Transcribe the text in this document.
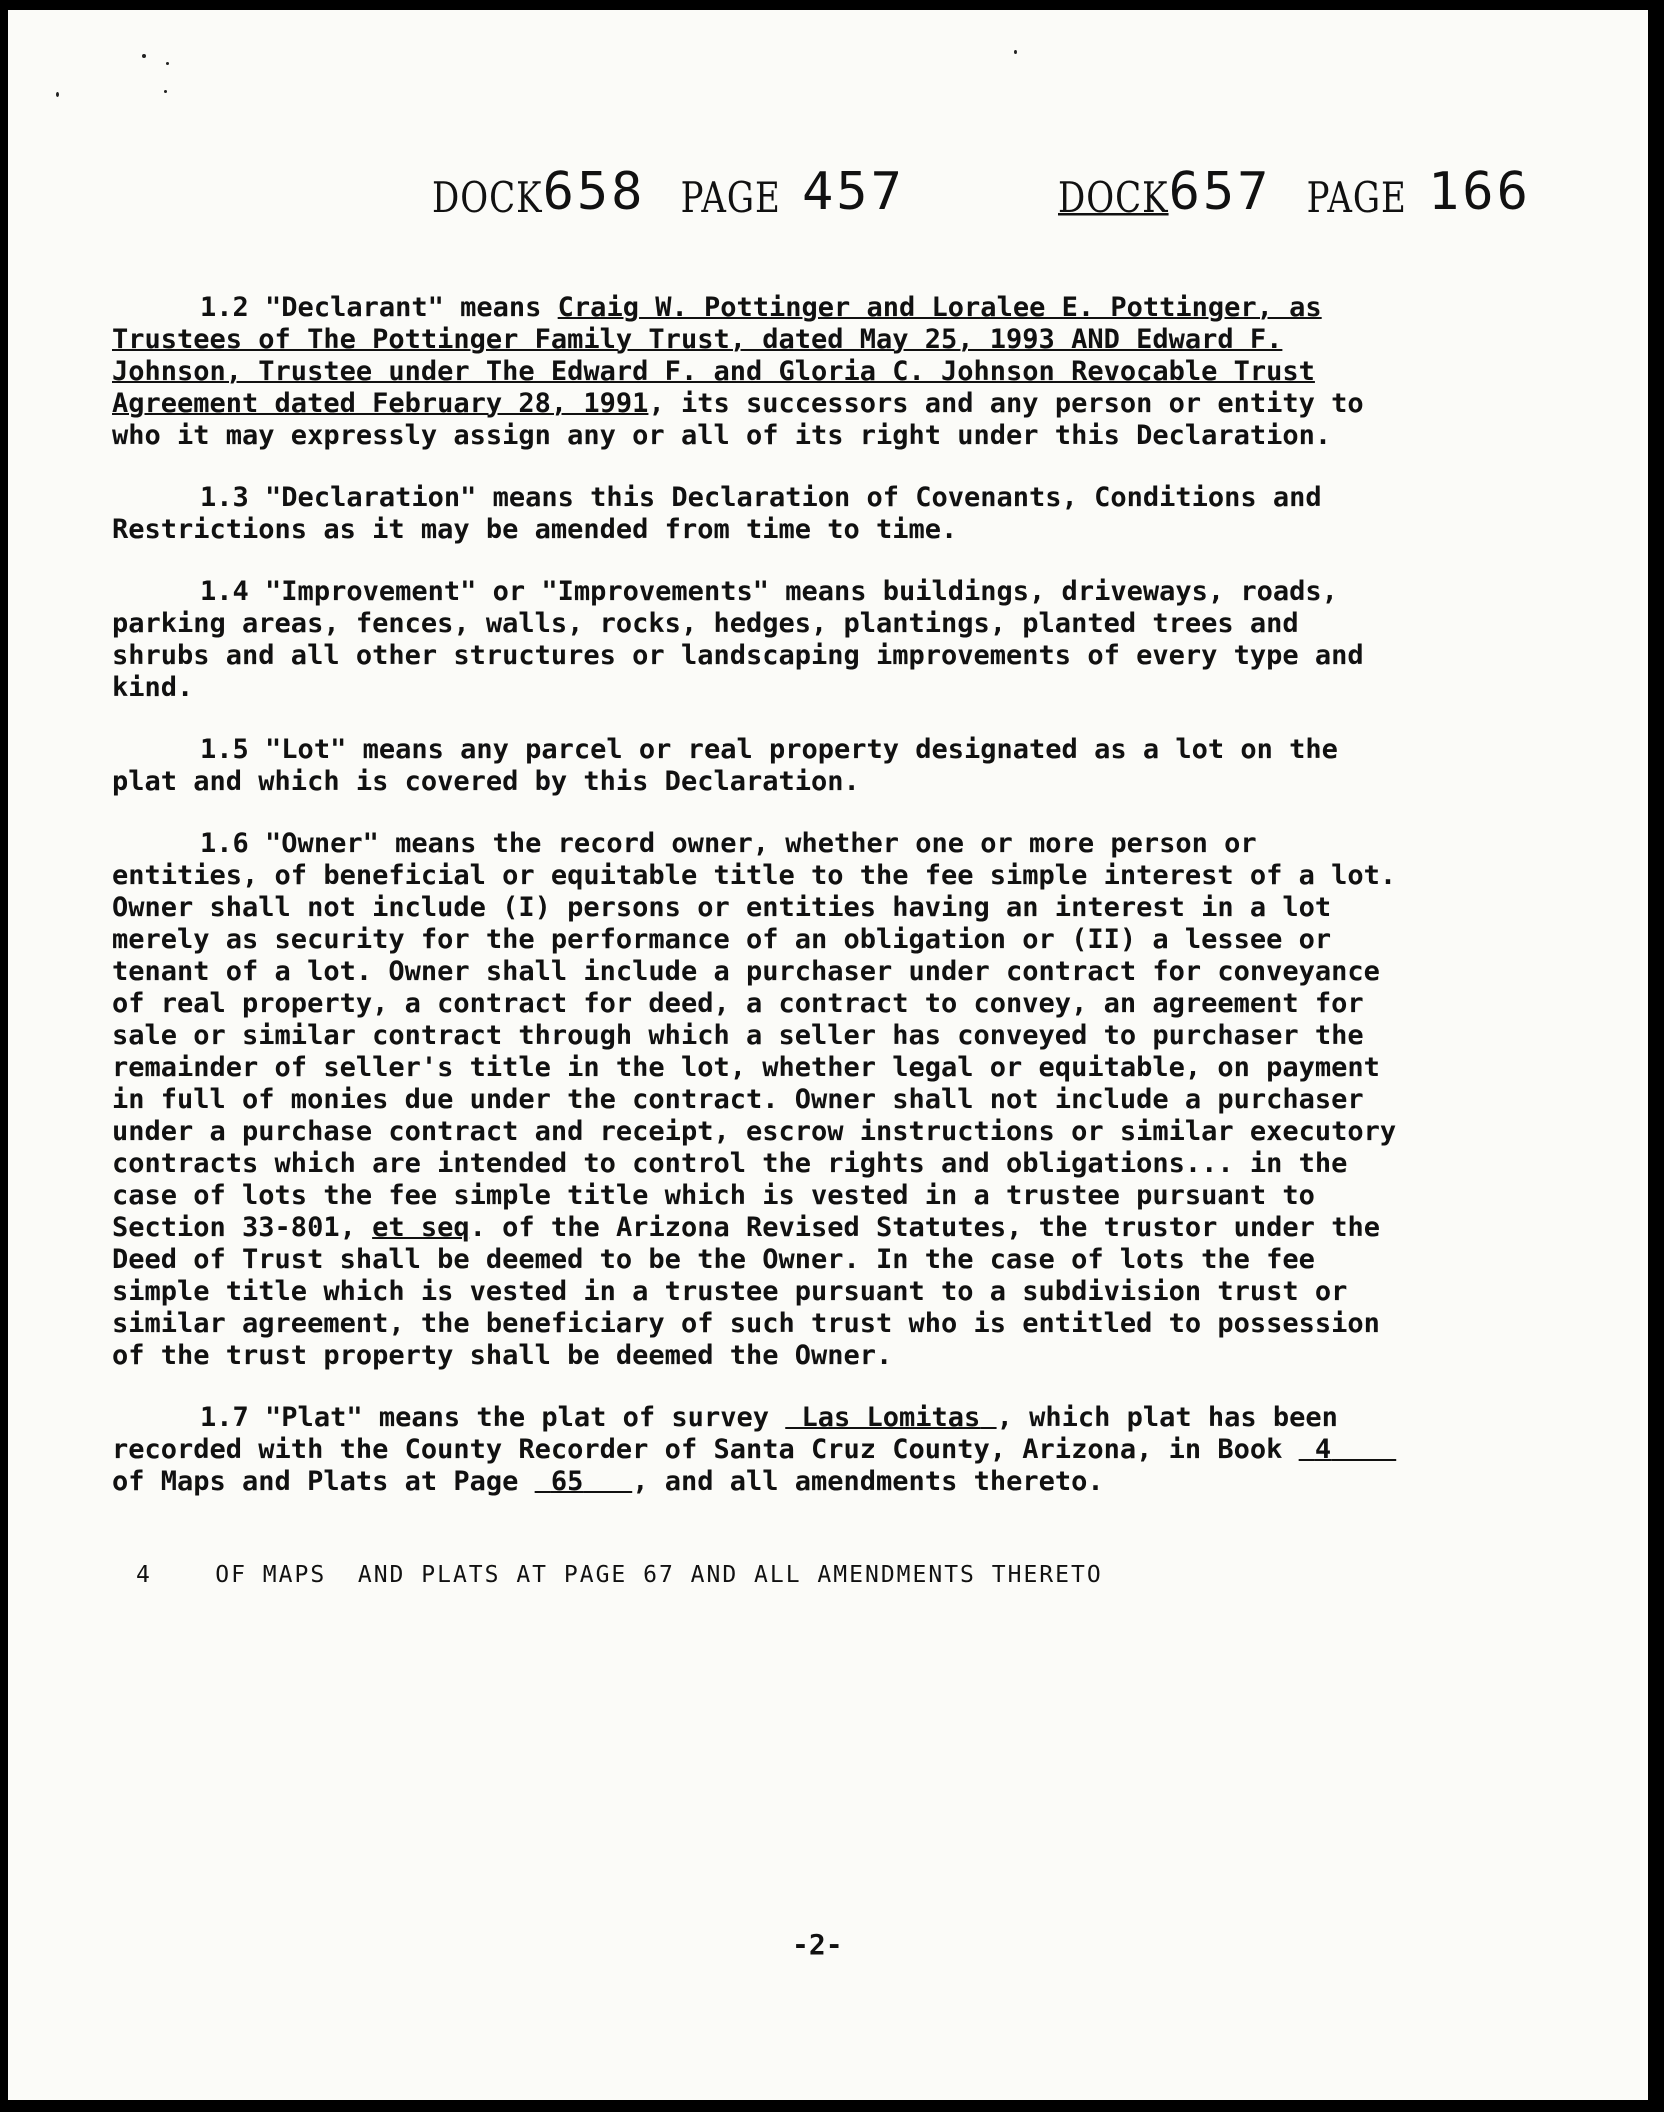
DOCK658 PAGE 457	DOCK657 PAGE 166

1.2 "Declarant" means Craig W. Pottinger and Loralee E. Pottinger, as Trustees of The Pottinger Family Trust, dated May 25, 1993 AND Edward F. Johnson, Trustee under The Edward F. and Gloria C. Johnson Revocable Trust Agreement dated February 28, 1991, its successors and any person or entity to who it may expressly assign any or all of its right under this Declaration.

1.3 "Declaration" means this Declaration of Covenants, Conditions and Restrictions as it may be amended from time to time.

1.4 "Improvement" or "Improvements" means buildings, driveways, roads, parking areas, fences, walls, rocks, hedges, plantings, planted trees and shrubs and all other structures or landscaping improvements of every type and kind.

1.5 "Lot" means any parcel or real property designated as a lot on the plat and which is covered by this Declaration.

1.6 "Owner" means the record owner, whether one or more person or entities, of beneficial or equitable title to the fee simple interest of a lot. Owner shall not include (I) persons or entities having an interest in a lot merely as security for the performance of an obligation or (II) a lessee or tenant of a lot. Owner shall include a purchaser under contract for conveyance of real property, a contract for deed, a contract to convey, an agreement for sale or similar contract through which a seller has conveyed to purchaser the remainder of seller's title in the lot, whether legal or equitable, on payment in full of monies due under the contract. Owner shall not include a purchaser under a purchase contract and receipt, escrow instructions or similar executory contracts which are intended to control the rights and obligations... in the case of lots the fee simple title which is vested in a trustee pursuant to Section 33-801, et seq. of the Arizona Revised Statutes, the trustor under the Deed of Trust shall be deemed to be the Owner. In the case of lots the fee simple title which is vested in a trustee pursuant to a subdivision trust or similar agreement, the beneficiary of such trust who is entitled to possession of the trust property shall be deemed the Owner.

1.7 "Plat" means the plat of survey Las Lomitas , which plat has been recorded with the County Recorder of Santa Cruz County, Arizona, in Book 4     of Maps and Plats at Page 65 , and all amendments thereto.

4    OF MAPS  AND PLATS AT PAGE 67 AND ALL AMENDMENTS THERETO
-2-
